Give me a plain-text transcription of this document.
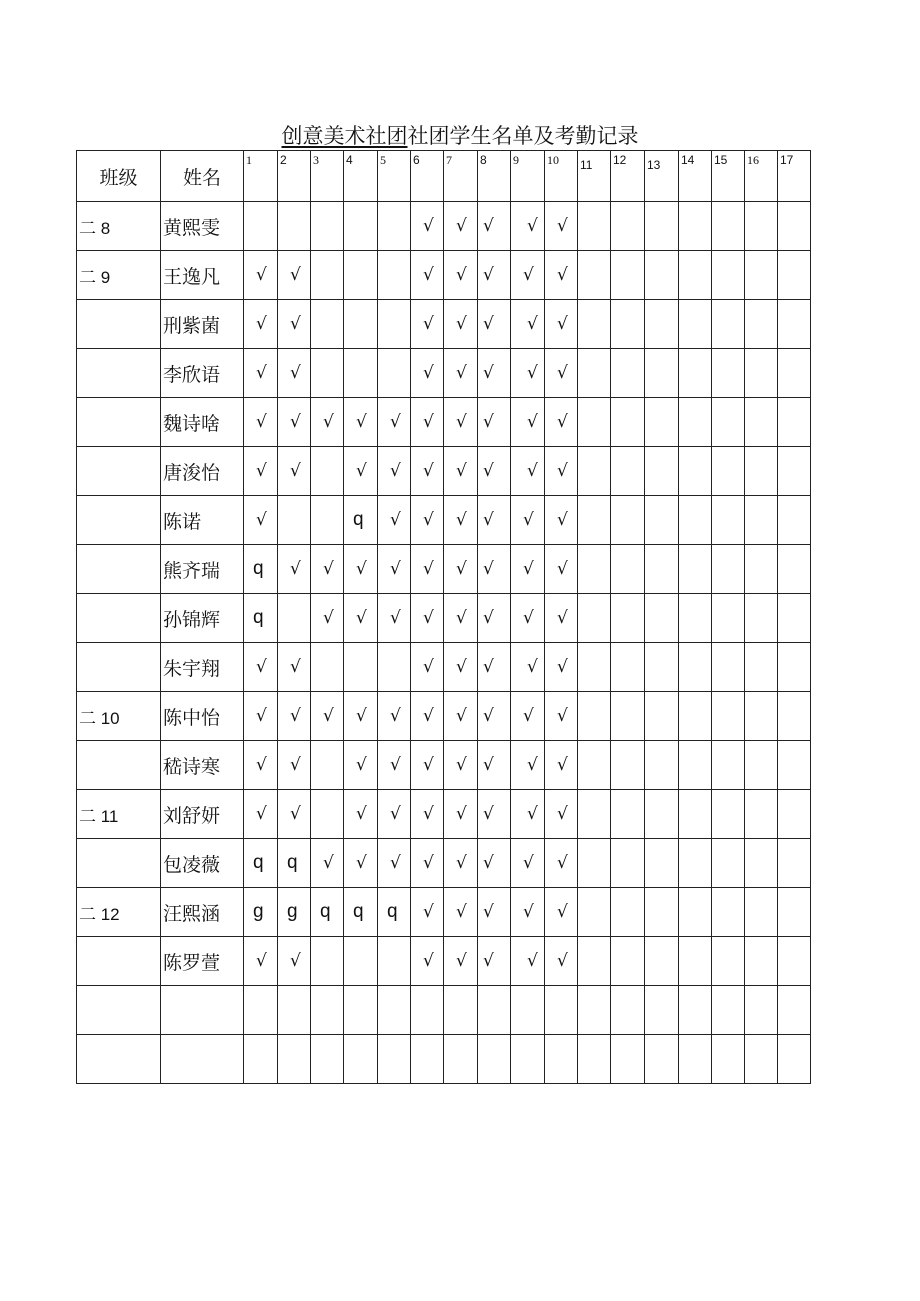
创意美术社团社团学生名单及考勤记录
班级	姓名	1	2	3	4	5	6	7	8	9	10	11	12	13	14	15	16	17
二 8	黄熙雯						√	√	√	√	√							
二 9	王逸凡	√	√				√	√	√	√	√							
	刑紫菌	√	√				√	√	√	√	√							
	李欣语	√	√				√	√	√	√	√							
	魏诗啥	√	√	√	√	√	√	√	√	√	√							
	唐浚怡	√	√		√	√	√	√	√	√	√							
	陈诺	√			q	√	√	√	√	√	√							
	熊齐瑞	q	√	√	√	√	√	√	√	√	√							
	孙锦辉	q		√	√	√	√	√	√	√	√							
	朱宇翔	√	√				√	√	√	√	√							
二 10	陈中怡	√	√	√	√	√	√	√	√	√	√							
	嵇诗寒	√	√		√	√	√	√	√	√	√							
二 11	刘舒妍	√	√		√	√	√	√	√	√	√							
	包凌薇	q	q	√	√	√	√	√	√	√	√							
二 12	汪熙涵	g	g	q	q	q	√	√	√	√	√							
	陈罗萱	√	√				√	√	√	√	√							
